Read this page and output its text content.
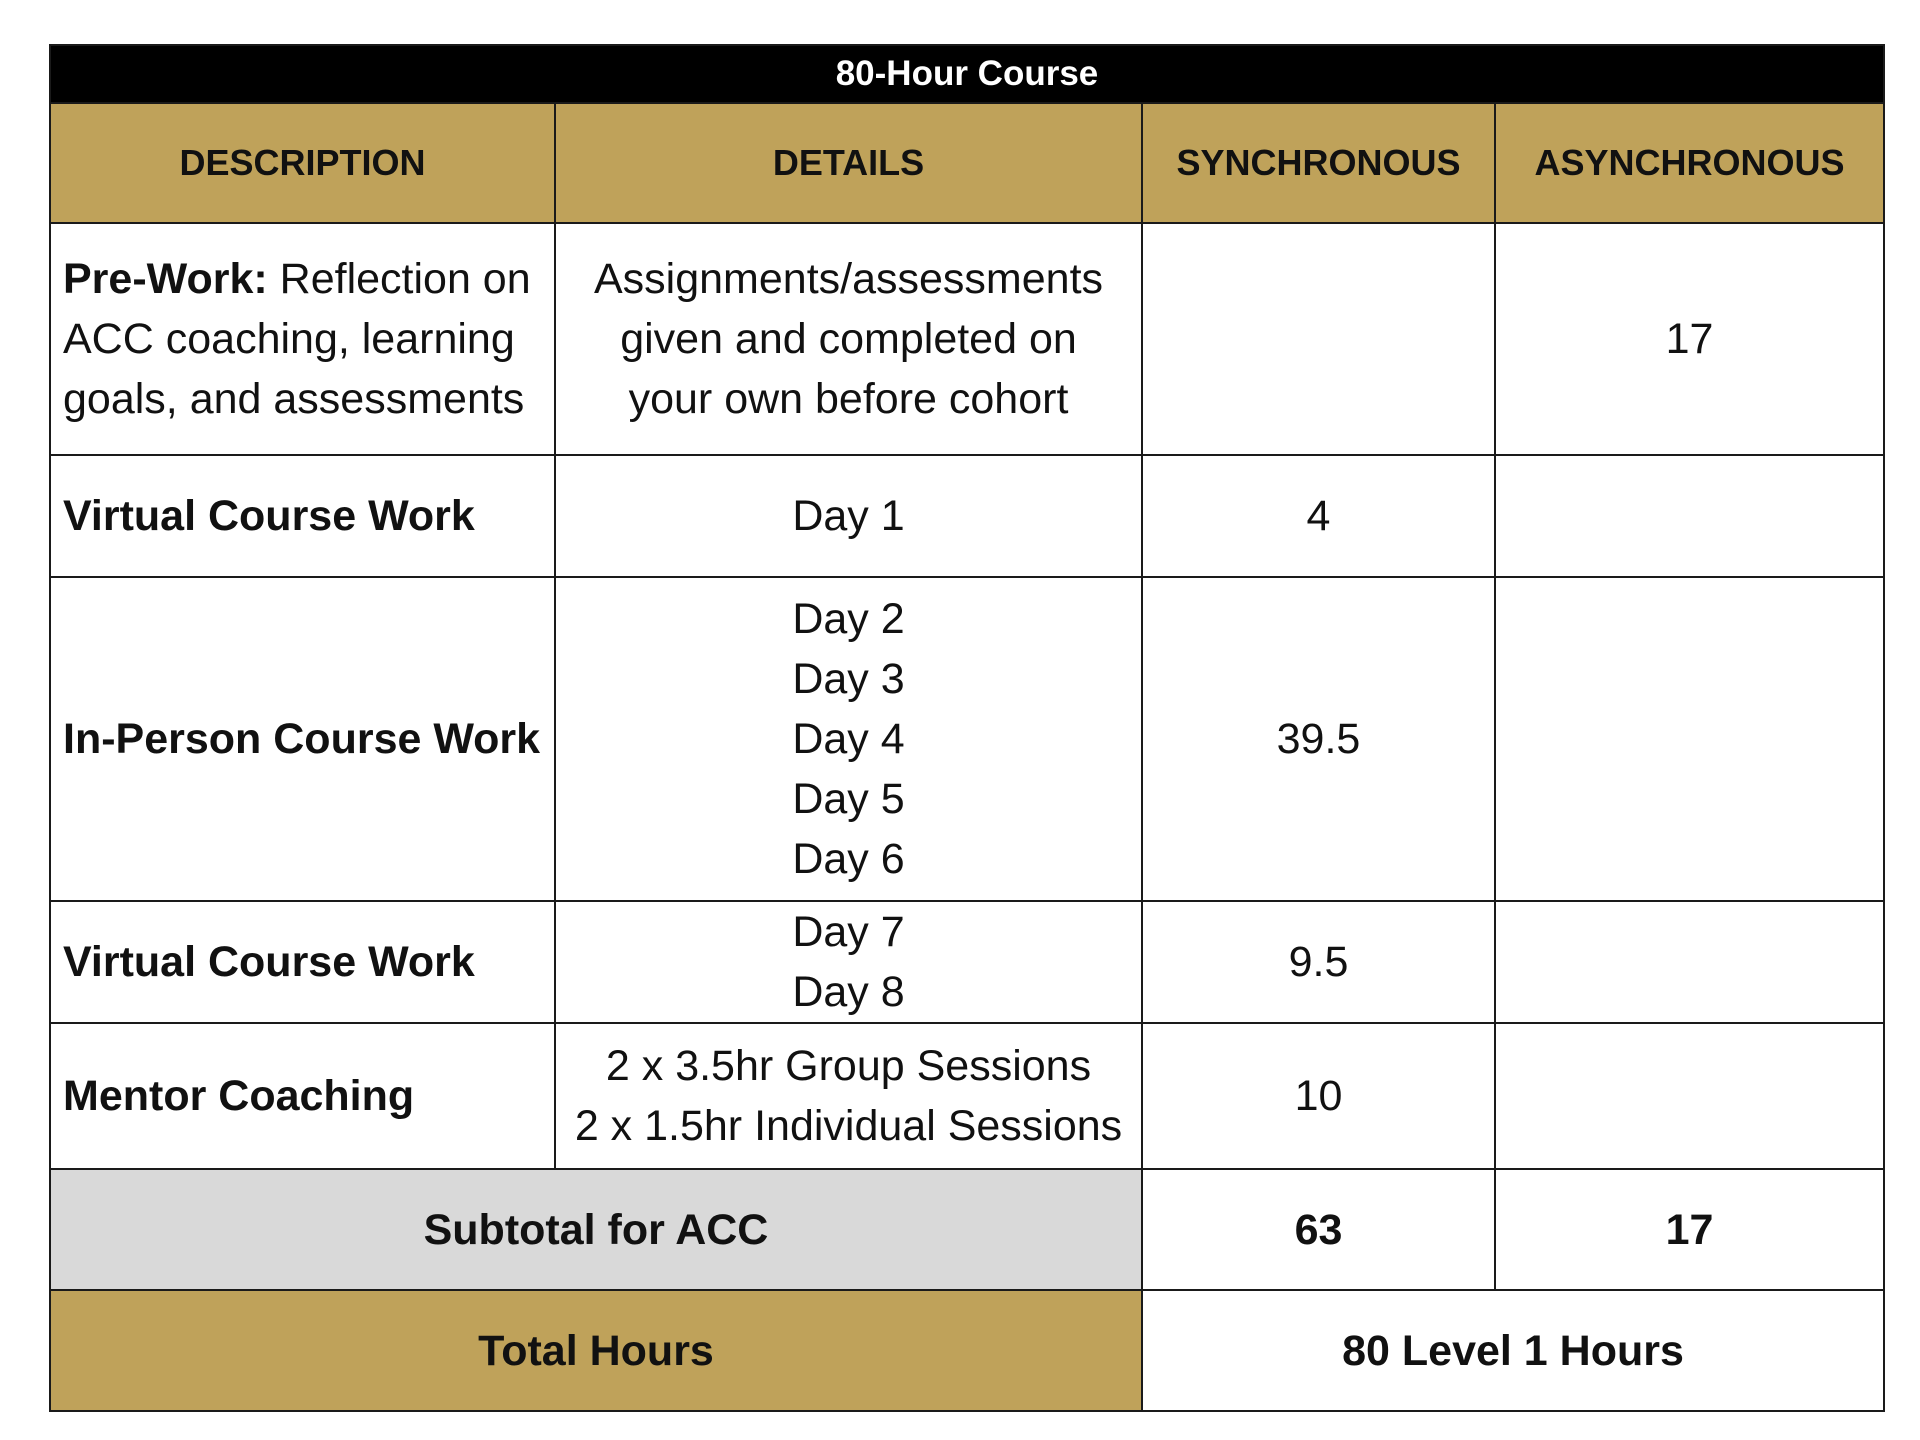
80-Hour Course			
DESCRIPTION	DETAILS	SYNCHRONOUS	ASYNCHRONOUS
Pre-Work: Reflection on ACC coaching, learning goals, and assessments	Assignments/assessments
given and completed on
your own before cohort		17
Virtual Course Work	Day 1	4	
In-Person Course Work	Day 2
Day 3
Day 4
Day 5
Day 6	39.5	
Virtual Course Work	Day 7
Day 8	9.5	
Mentor Coaching	2 x 3.5hr Group Sessions
2 x 1.5hr Individual Sessions	10	
Subtotal for ACC		63	17
Total Hours		80 Level 1 Hours	
